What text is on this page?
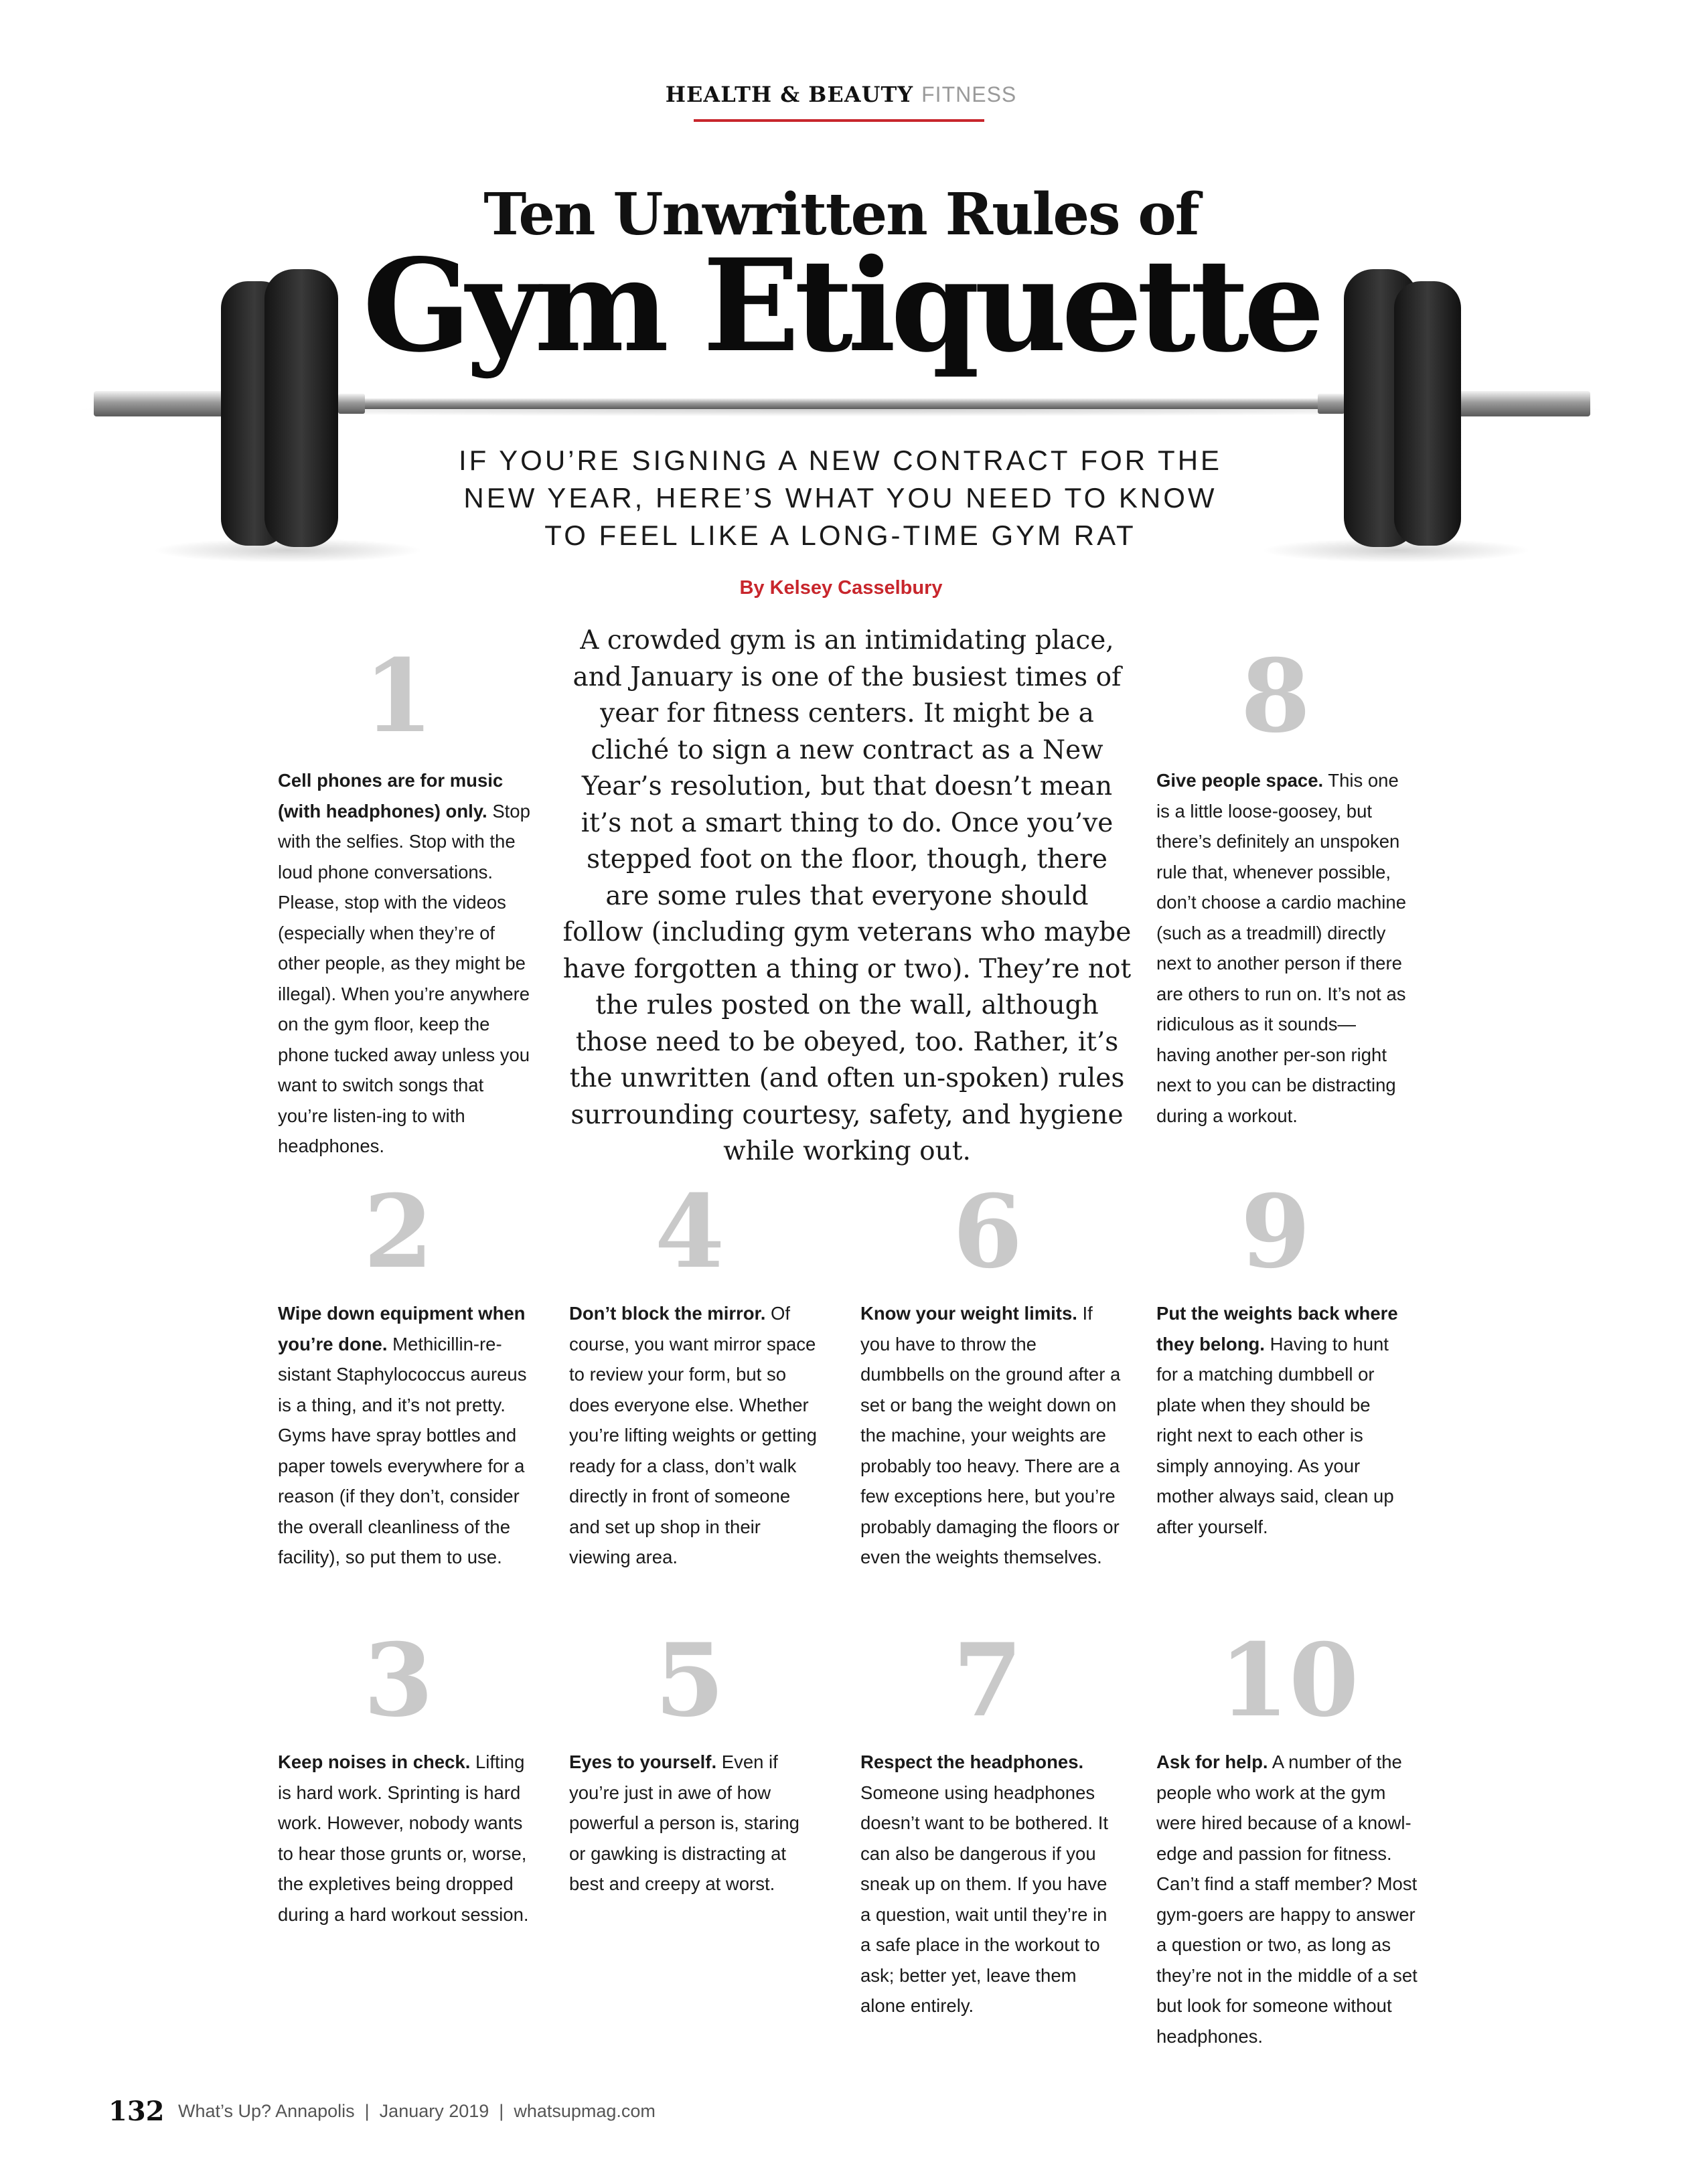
HEALTH & BEAUTY FITNESS
Ten Unwritten Rules of
Gym Etiquette
IF YOU’RE SIGNING A NEW CONTRACT FOR THE
NEW YEAR, HERE’S WHAT YOU NEED TO KNOW
TO FEEL LIKE A LONG-TIME GYM RAT
By Kelsey Casselbury
A crowded gym is an intimidating place, and January is one of the busiest times of year for fitness centers. It might be a cliché to sign a new contract as a New Year’s resolution, but that doesn’t mean it’s not a smart thing to do. Once you’ve stepped foot on the floor, though, there are some rules that everyone should follow (including gym veterans who maybe have forgotten a thing or two). They’re not the rules posted on the wall, although those need to be obeyed, too. Rather, it’s the unwritten (and often un-spoken) rules surrounding courtesy, safety, and hygiene while working out.
1
Cell phones are for music (with headphones) only. Stop with the selfies. Stop with the loud phone conversations. Please, stop with the videos (especially when they’re of other people, as they might be illegal). When you’re anywhere on the gym floor, keep the phone tucked away unless you want to switch songs that you’re listen-ing to with headphones.
8
Give people space. This one is a little loose-goosey, but there’s definitely an unspoken rule that, whenever possible, don’t choose a cardio machine (such as a treadmill) directly next to another person if there are others to run on. It’s not as ridiculous as it sounds—having another per-son right next to you can be distracting during a workout.
2
Wipe down equipment when you’re done. Methicillin-re-sistant Staphylococcus aureus is a thing, and it’s not pretty. Gyms have spray bottles and paper towels everywhere for a reason (if they don’t, consider the overall cleanliness of the facility), so put them to use.
4
Don’t block the mirror. Of course, you want mirror space to review your form, but so does everyone else. Whether you’re lifting weights or getting ready for a class, don’t walk directly in front of someone and set up shop in their viewing area.
6
Know your weight limits. If you have to throw the dumbbells on the ground after a set or bang the weight down on the machine, your weights are probably too heavy. There are a few exceptions here, but you’re probably damaging the floors or even the weights themselves.
9
Put the weights back where they belong. Having to hunt for a matching dumbbell or plate when they should be right next to each other is simply annoying. As your mother always said, clean up after yourself.
3
Keep noises in check. Lifting is hard work. Sprinting is hard work. However, nobody wants to hear those grunts or, worse, the expletives being dropped during a hard workout session.
5
Eyes to yourself. Even if you’re just in awe of how powerful a person is, staring or gawking is distracting at best and creepy at worst.
7
Respect the headphones. Someone using headphones doesn’t want to be bothered. It can also be dangerous if you sneak up on them. If you have a question, wait until they’re in a safe place in the workout to ask; better yet, leave them alone entirely.
10
Ask for help. A number of the people who work at the gym were hired because of a knowl-edge and passion for fitness. Can’t find a staff member? Most gym-goers are happy to answer a question or two, as long as they’re not in the middle of a set but look for someone without headphones.
132 What’s Up? Annapolis  |  January 2019  |  whatsupmag.com
